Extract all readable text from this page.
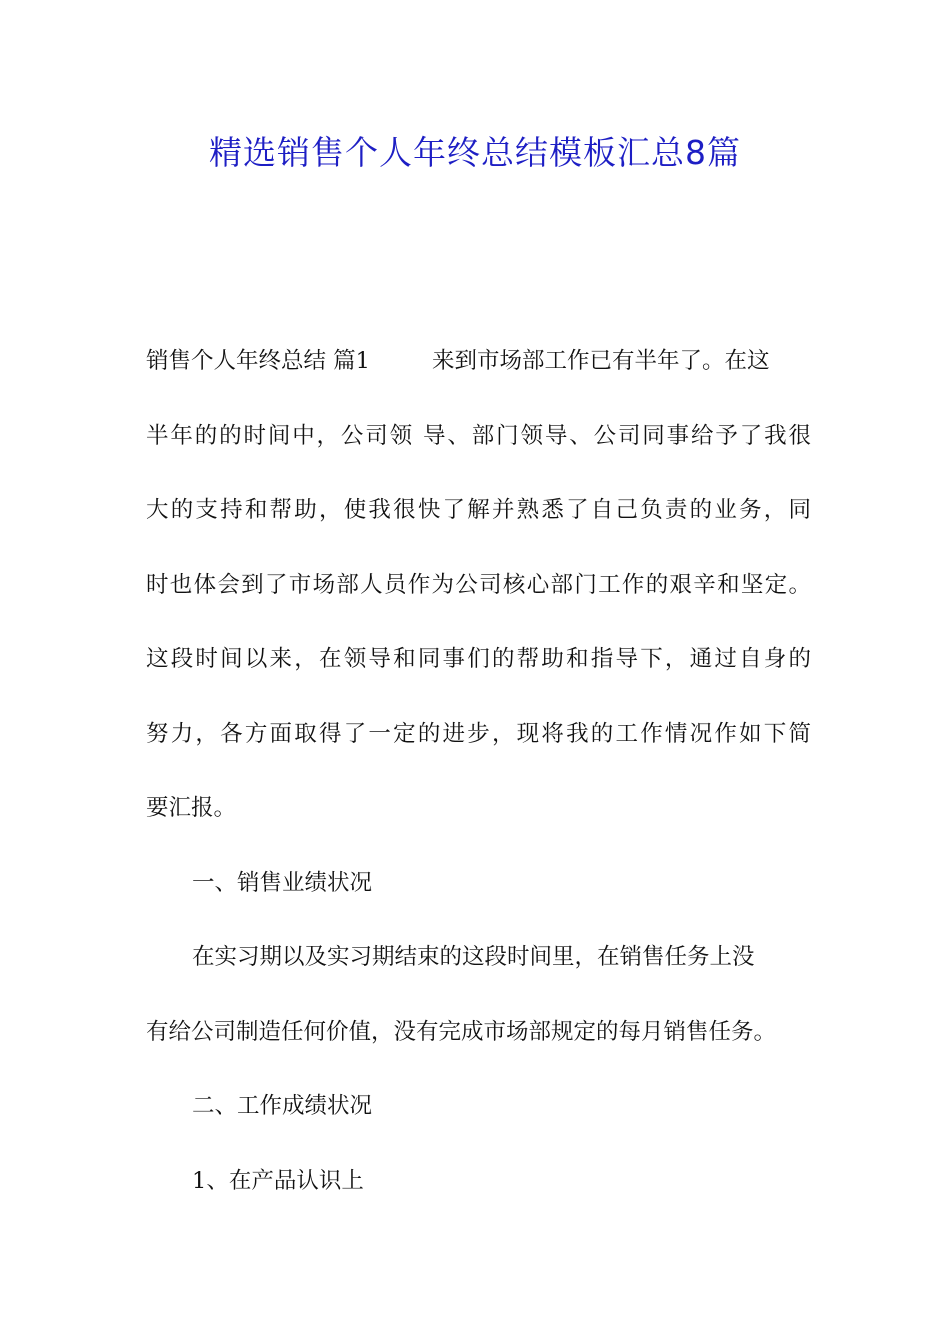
精选销售个人年终总结模板汇总8篇
销售个人年终总结 篇1	来到市场部工作已有半年了。在这
半年的的时间中，公司领 导、部门领导、公司同事给予了我很
大的支持和帮助，使我很快了解并熟悉了自己负责的业务，同
时也体会到了市场部人员作为公司核心部门工作的艰辛和坚定。
这段时间以来，在领导和同事们的帮助和指导下，通过自身的
努力，各方面取得了一定的进步，现将我的工作情况作如下简
要汇报。
一、销售业绩状况
在实习期以及实习期结束的这段时间里，在销售任务上没
有给公司制造任何价值，没有完成市场部规定的每月销售任务。
二、工作成绩状况
1、在产品认识上
